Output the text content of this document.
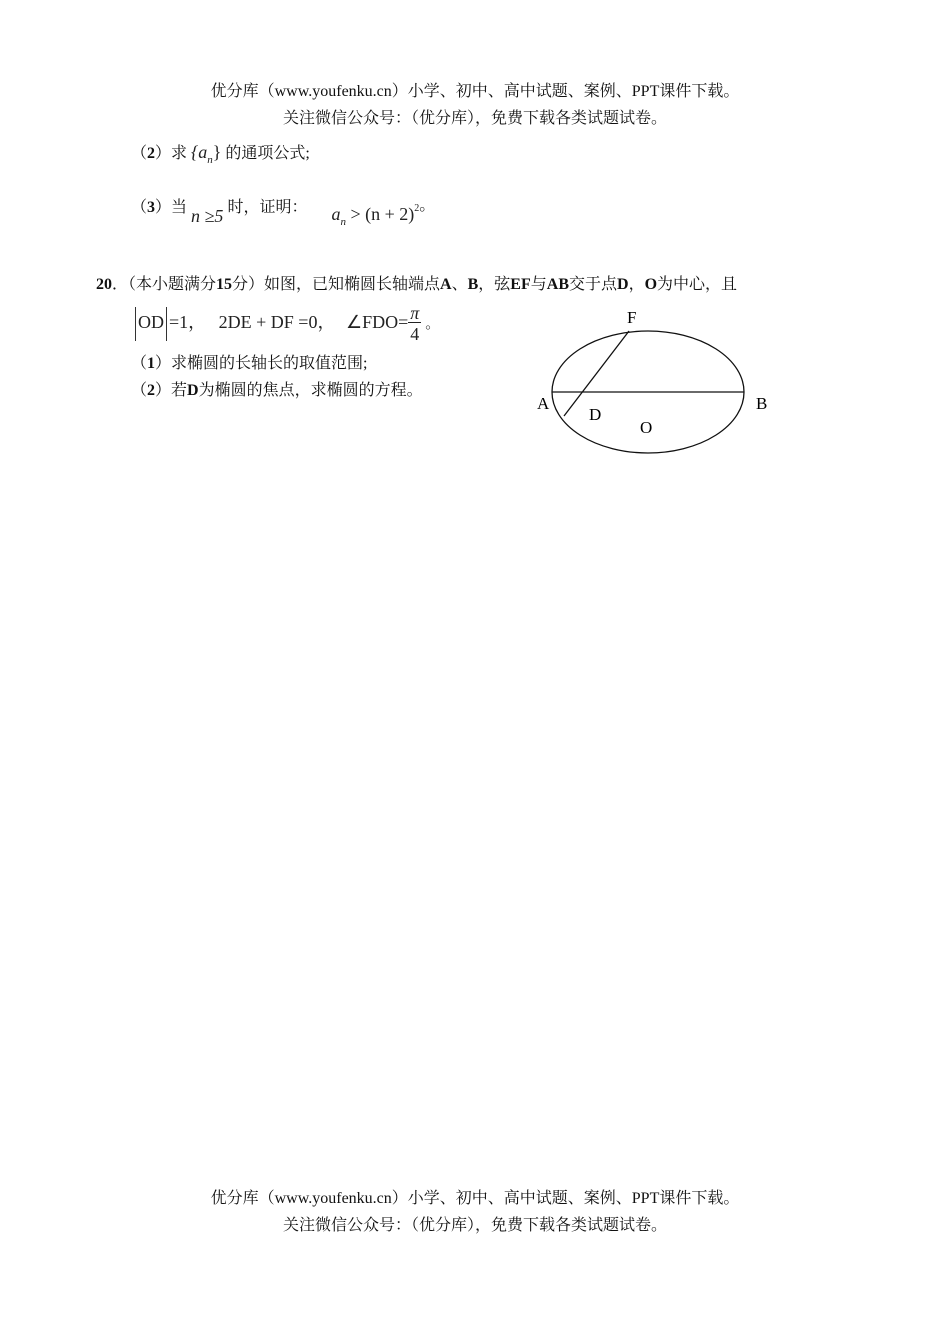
优分库（www.youfenku.cn）小学、初中、高中试题、案例、PPT课件下载。
关注微信公众号：（优分库），免费下载各类试题试卷。
（2）求 $\{a_n\}$ 的通项公式;
（3）当 n ≥5 时，证明： $a_n > (n + 2)^2$。
20．（本小题满分15分）如图，已知椭圆长轴端点A、B，弦EF与AB交于点D，O为中心，且
OD =1， 2DE + DF =0， ∠FDO= $\frac{\pi}{4}$ 。
（1）求椭圆的长轴长的取值范围;
（2）若D为椭圆的焦点，求椭圆的方程。
F
A
D
O
B
优分库（www.youfenku.cn）小学、初中、高中试题、案例、PPT课件下载。
关注微信公众号：（优分库），免费下载各类试题试卷。
